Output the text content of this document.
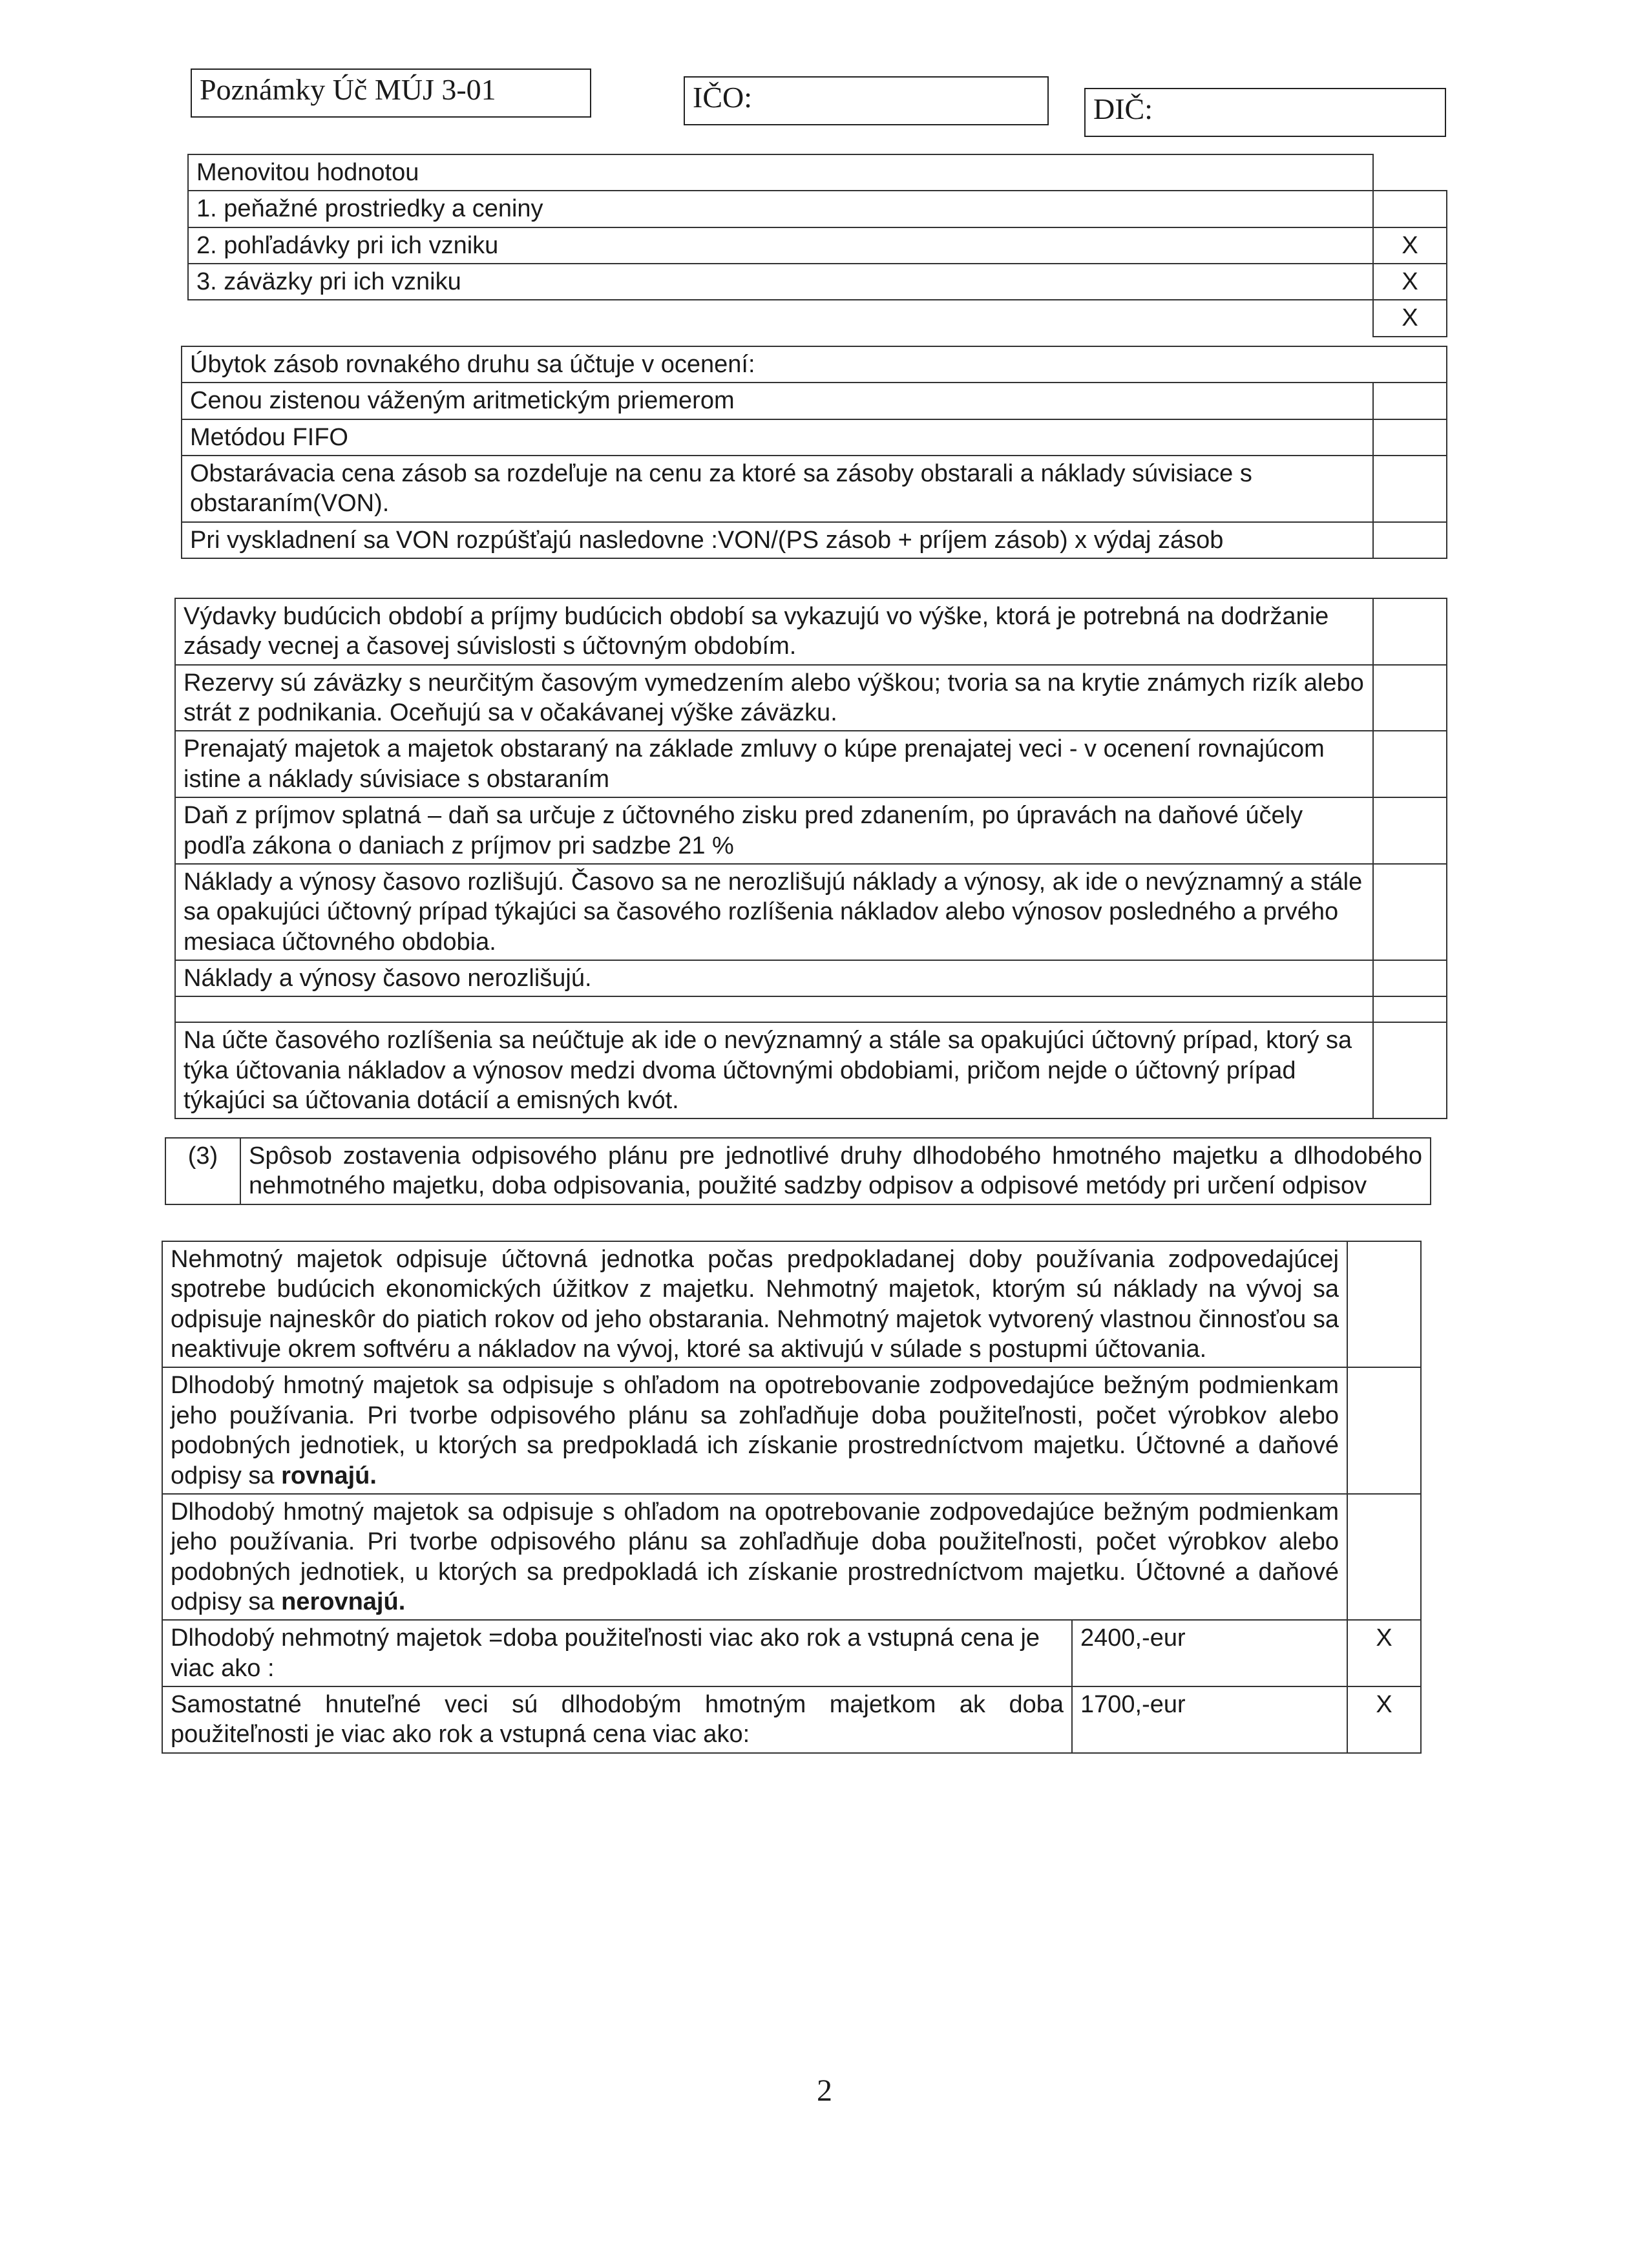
Poznámky Úč MÚJ 3-01	IČO:	DIČ:
Menovitou hodnotou	
1. peňažné prostriedky a ceniny	
2. pohľadávky pri ich vzniku	X
3. záväzky pri ich vzniku	X
	X
Úbytok zásob rovnakého druhu sa účtuje v ocenení:	
Cenou zistenou váženým aritmetickým priemerom	
Metódou FIFO	
Obstarávacia cena zásob sa rozdeľuje na cenu za ktoré sa zásoby obstarali a náklady súvisiace s obstaraním(VON).	
Pri vyskladnení sa VON rozpúšťajú nasledovne :VON/(PS zásob + príjem zásob) x výdaj zásob	
Výdavky budúcich období a príjmy budúcich období sa vykazujú vo výške, ktorá je potrebná na dodržanie zásady vecnej a časovej súvislosti s účtovným obdobím.	
Rezervy sú záväzky s neurčitým časovým vymedzením alebo výškou; tvoria sa na krytie známych rizík alebo strát z podnikania. Oceňujú sa v očakávanej výške záväzku.	
Prenajatý majetok a majetok obstaraný na základe zmluvy o kúpe prenajatej veci - v ocenení rovnajúcom istine a náklady súvisiace s obstaraním	
Daň z príjmov splatná – daň sa určuje z účtovného zisku pred zdanením, po úpravách na daňové účely podľa zákona o daniach z príjmov pri sadzbe 21 %	
Náklady a výnosy časovo rozlišujú. Časovo sa ne nerozlišujú náklady a výnosy, ak ide o nevýznamný a stále sa opakujúci účtovný prípad týkajúci sa časového rozlíšenia nákladov alebo výnosov posledného a prvého mesiaca účtovného obdobia.	
Náklady a výnosy časovo nerozlišujú.	

Na účte časového rozlíšenia sa neúčtuje ak ide o nevýznamný a stále sa opakujúci účtovný prípad, ktorý sa týka účtovania nákladov a výnosov medzi dvoma účtovnými obdobiami, pričom nejde o účtovný prípad týkajúci sa účtovania dotácií a emisných kvót.	
(3)	Spôsob zostavenia odpisového plánu pre jednotlivé druhy dlhodobého hmotného majetku a dlhodobého nehmotného majetku, doba odpisovania, použité sadzby odpisov a odpisové metódy pri určení odpisov
Nehmotný majetok odpisuje účtovná jednotka počas predpokladanej doby používania zodpovedajúcej spotrebe budúcich ekonomických úžitkov z majetku. Nehmotný majetok, ktorým sú náklady na vývoj sa odpisuje najneskôr do piatich rokov od jeho obstarania. Nehmotný majetok vytvorený vlastnou činnosťou sa neaktivuje okrem softvéru a nákladov na vývoj, ktoré sa aktivujú v súlade s postupmi účtovania.		
Dlhodobý hmotný majetok sa odpisuje s ohľadom na opotrebovanie zodpovedajúce bežným podmienkam jeho používania. Pri tvorbe odpisového plánu sa zohľadňuje doba použiteľnosti, počet výrobkov alebo podobných jednotiek, u ktorých sa predpokladá ich získanie prostredníctvom majetku. Účtovné a daňové odpisy sa rovnajú.		
Dlhodobý hmotný majetok sa odpisuje s ohľadom na opotrebovanie zodpovedajúce bežným podmienkam jeho používania. Pri tvorbe odpisového plánu sa zohľadňuje doba použiteľnosti, počet výrobkov alebo podobných jednotiek, u ktorých sa predpokladá ich získanie prostredníctvom majetku. Účtovné a daňové odpisy sa nerovnajú.		
Dlhodobý nehmotný majetok =doba použiteľnosti viac ako rok a vstupná cena je viac ako :	2400,-eur	X
Samostatné hnuteľné veci sú dlhodobým hmotným majetkom ak doba použiteľnosti je viac ako rok a vstupná cena viac ako:	1700,-eur	X
2
